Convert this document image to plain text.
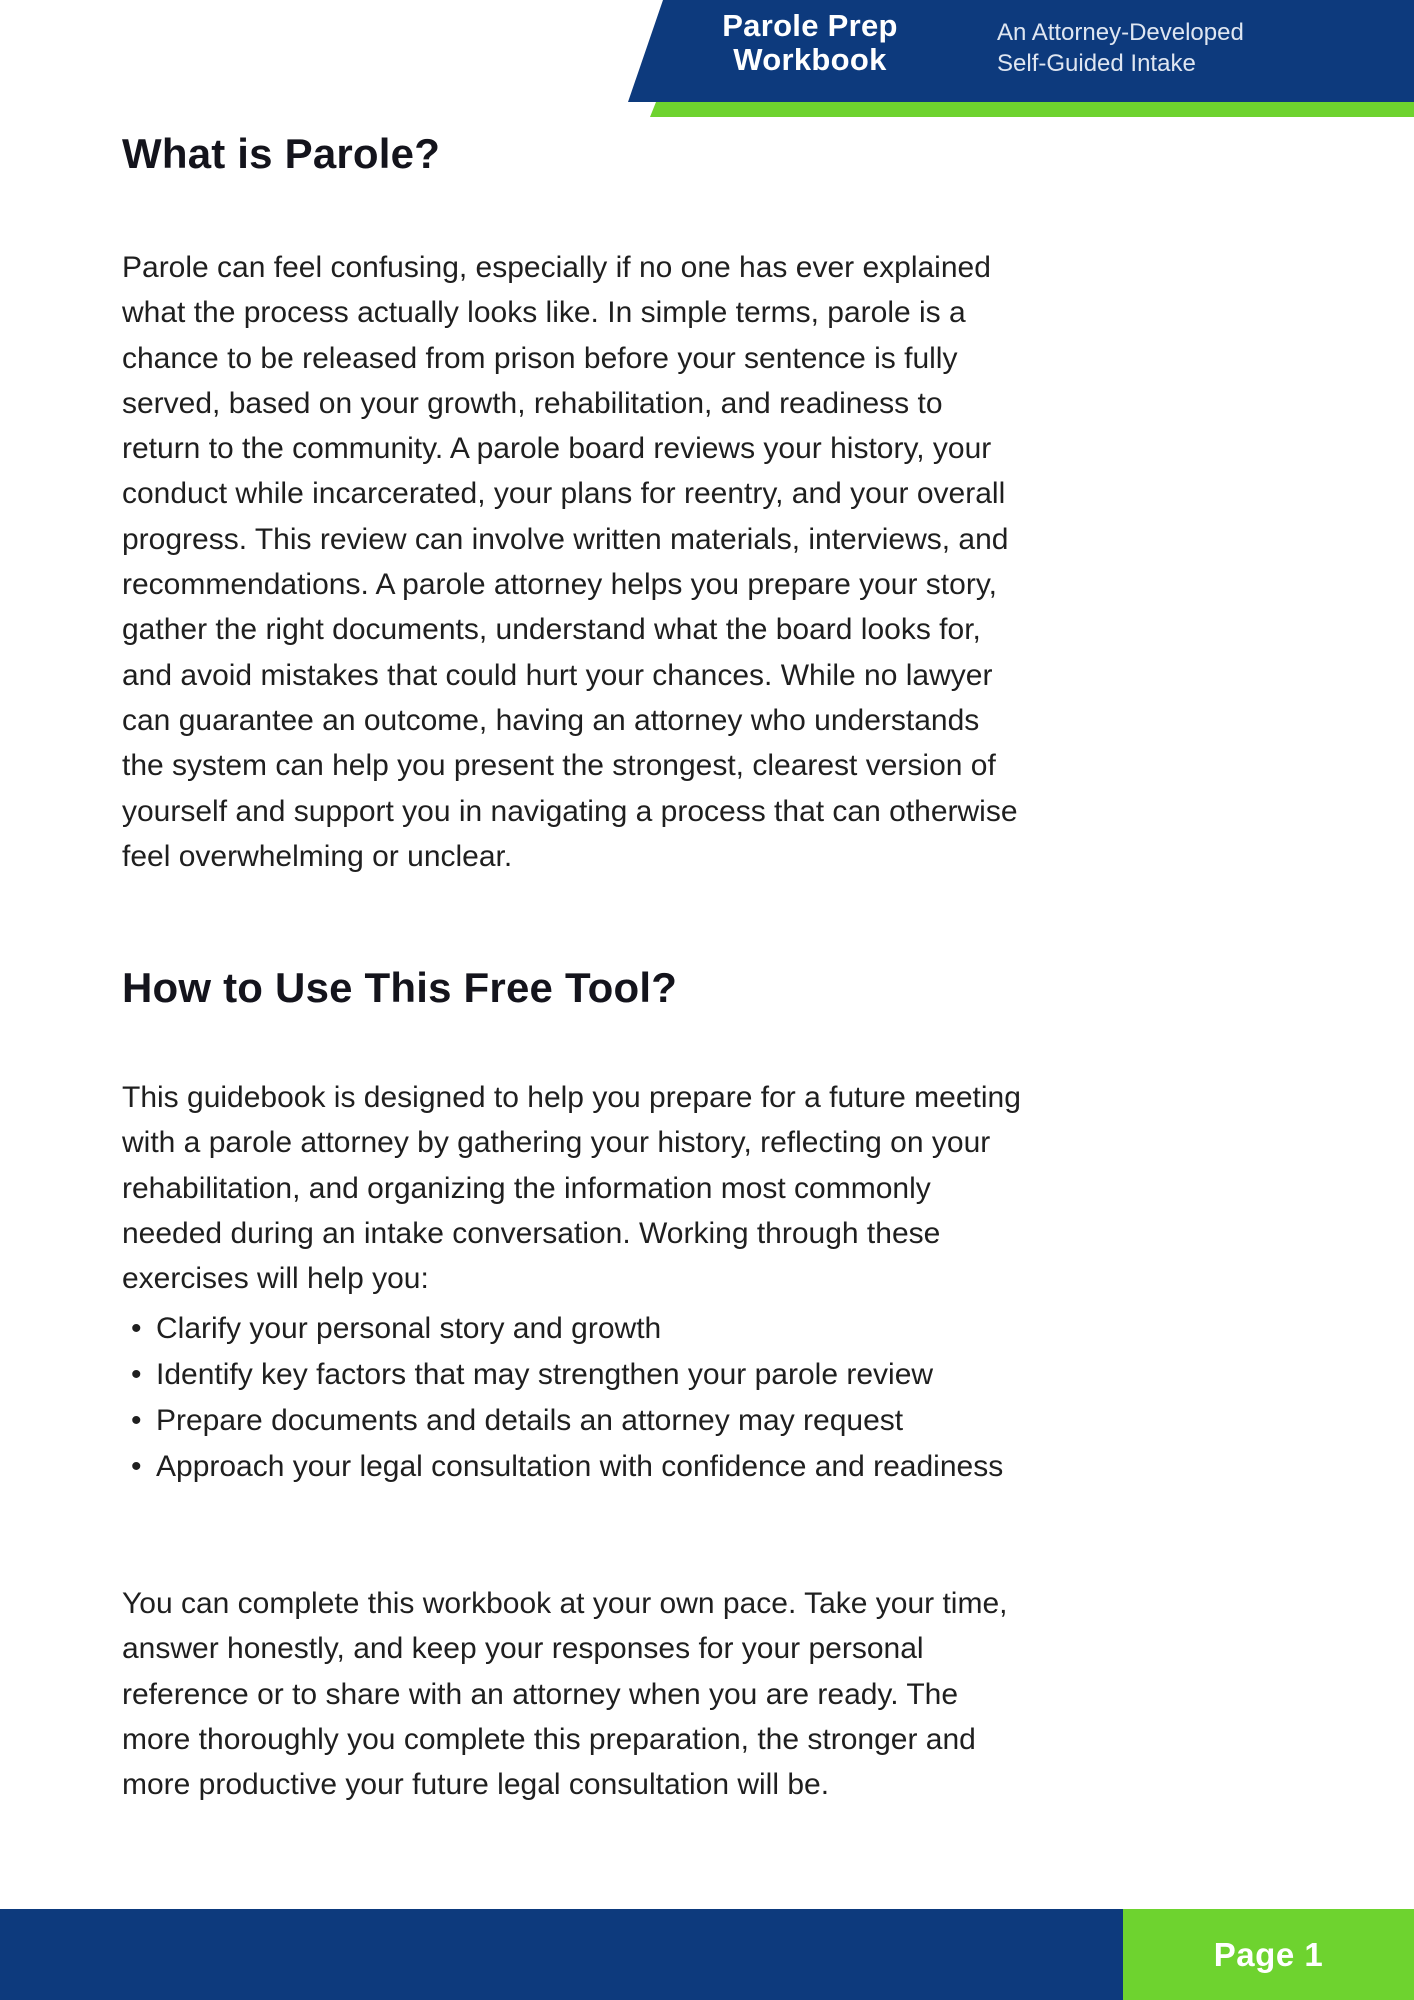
Parole Prep
Workbook
An Attorney-Developed
Self-Guided Intake
What is Parole?

Parole can feel confusing, especially if no one has ever explained what the process actually looks like. In simple terms, parole is a chance to be released from prison before your sentence is fully served, based on your growth, rehabilitation, and readiness to return to the community. A parole board reviews your history, your conduct while incarcerated, your plans for reentry, and your overall progress. This review can involve written materials, interviews, and recommendations. A parole attorney helps you prepare your story, gather the right documents, understand what the board looks for, and avoid mistakes that could hurt your chances. While no lawyer can guarantee an outcome, having an attorney who understands the system can help you present the strongest, clearest version of yourself and support you in navigating a process that can otherwise feel overwhelming or unclear.

How to Use This Free Tool?

This guidebook is designed to help you prepare for a future meeting with a parole attorney by gathering your history, reflecting on your rehabilitation, and organizing the information most commonly needed during an intake conversation. Working through these exercises will help you:

• Clarify your personal story and growth
• Identify key factors that may strengthen your parole review
• Prepare documents and details an attorney may request
• Approach your legal consultation with confidence and readiness

You can complete this workbook at your own pace. Take your time, answer honestly, and keep your responses for your personal reference or to share with an attorney when you are ready. The more thoroughly you complete this preparation, the stronger and more productive your future legal consultation will be.

Page 1
